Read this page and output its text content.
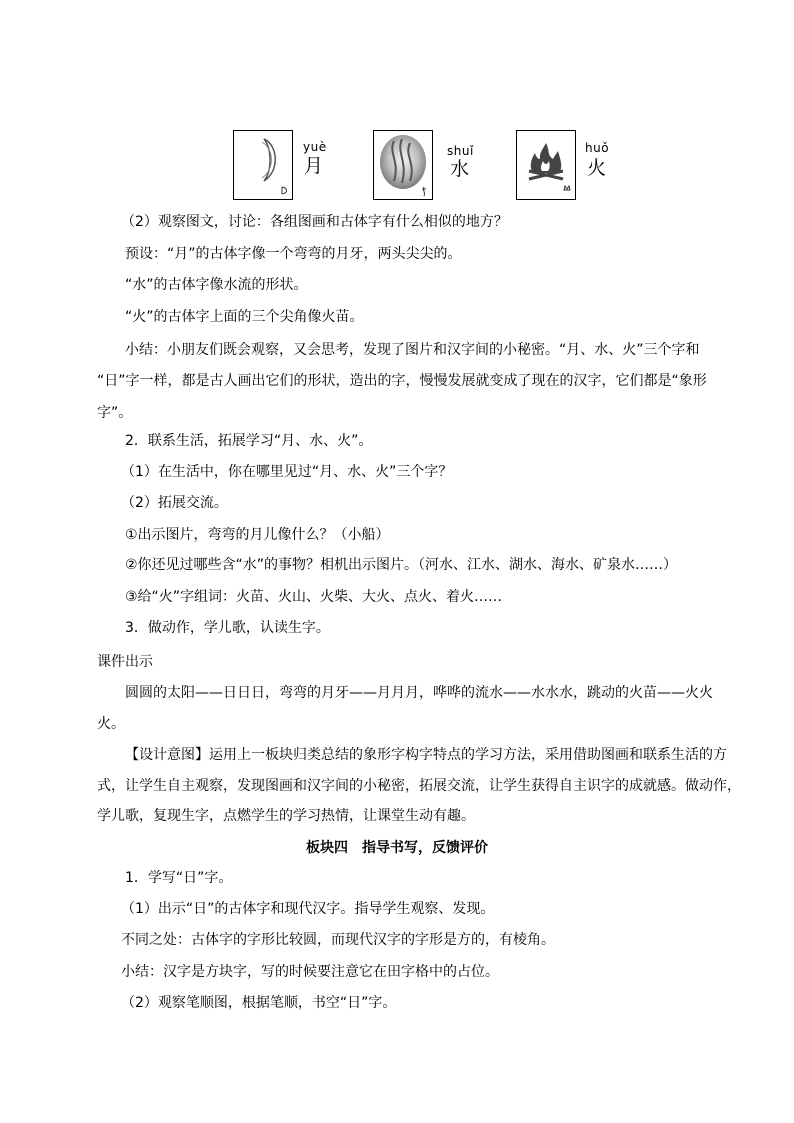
yuè
月
shuǐ
水
huǒ
火
（2）观察图文，讨论：各组图画和古体字有什么相似的地方？
预设：“月”的古体字像一个弯弯的月牙，两头尖尖的。
“水”的古体字像水流的形状。
“火”的古体字上面的三个尖角像火苗。
小结：小朋友们既会观察，又会思考，发现了图片和汉字间的小秘密。“月、水、火”三个字和
“日”字一样，都是古人画出它们的形状，造出的字，慢慢发展就变成了现在的汉字，它们都是“象形
字”。
2．联系生活，拓展学习“月、水、火”。
（1）在生活中，你在哪里见过“月、水、火”三个字？
（2）拓展交流。
①出示图片，弯弯的月儿像什么？（小船）
②你还见过哪些含“水”的事物？相机出示图片。（河水、江水、湖水、海水、矿泉水……）
③给“火”字组词：火苗、火山、火柴、大火、点火、着火……
3．做动作，学儿歌，认读生字。
课件出示
圆圆的太阳——日日日，弯弯的月牙——月月月，哗哗的流水——水水水，跳动的火苗——火火
火。
【设计意图】运用上一板块归类总结的象形字构字特点的学习方法，采用借助图画和联系生活的方
式，让学生自主观察，发现图画和汉字间的小秘密，拓展交流，让学生获得自主识字的成就感。做动作，
学儿歌，复现生字，点燃学生的学习热情，让课堂生动有趣。
板块四　指导书写，反馈评价
1．学写“日”字。
（1）出示“日”的古体字和现代汉字。指导学生观察、发现。
不同之处：古体字的字形比较圆，而现代汉字的字形是方的，有棱角。
小结：汉字是方块字，写的时候要注意它在田字格中的占位。
（2）观察笔顺图，根据笔顺，书空“日”字。
